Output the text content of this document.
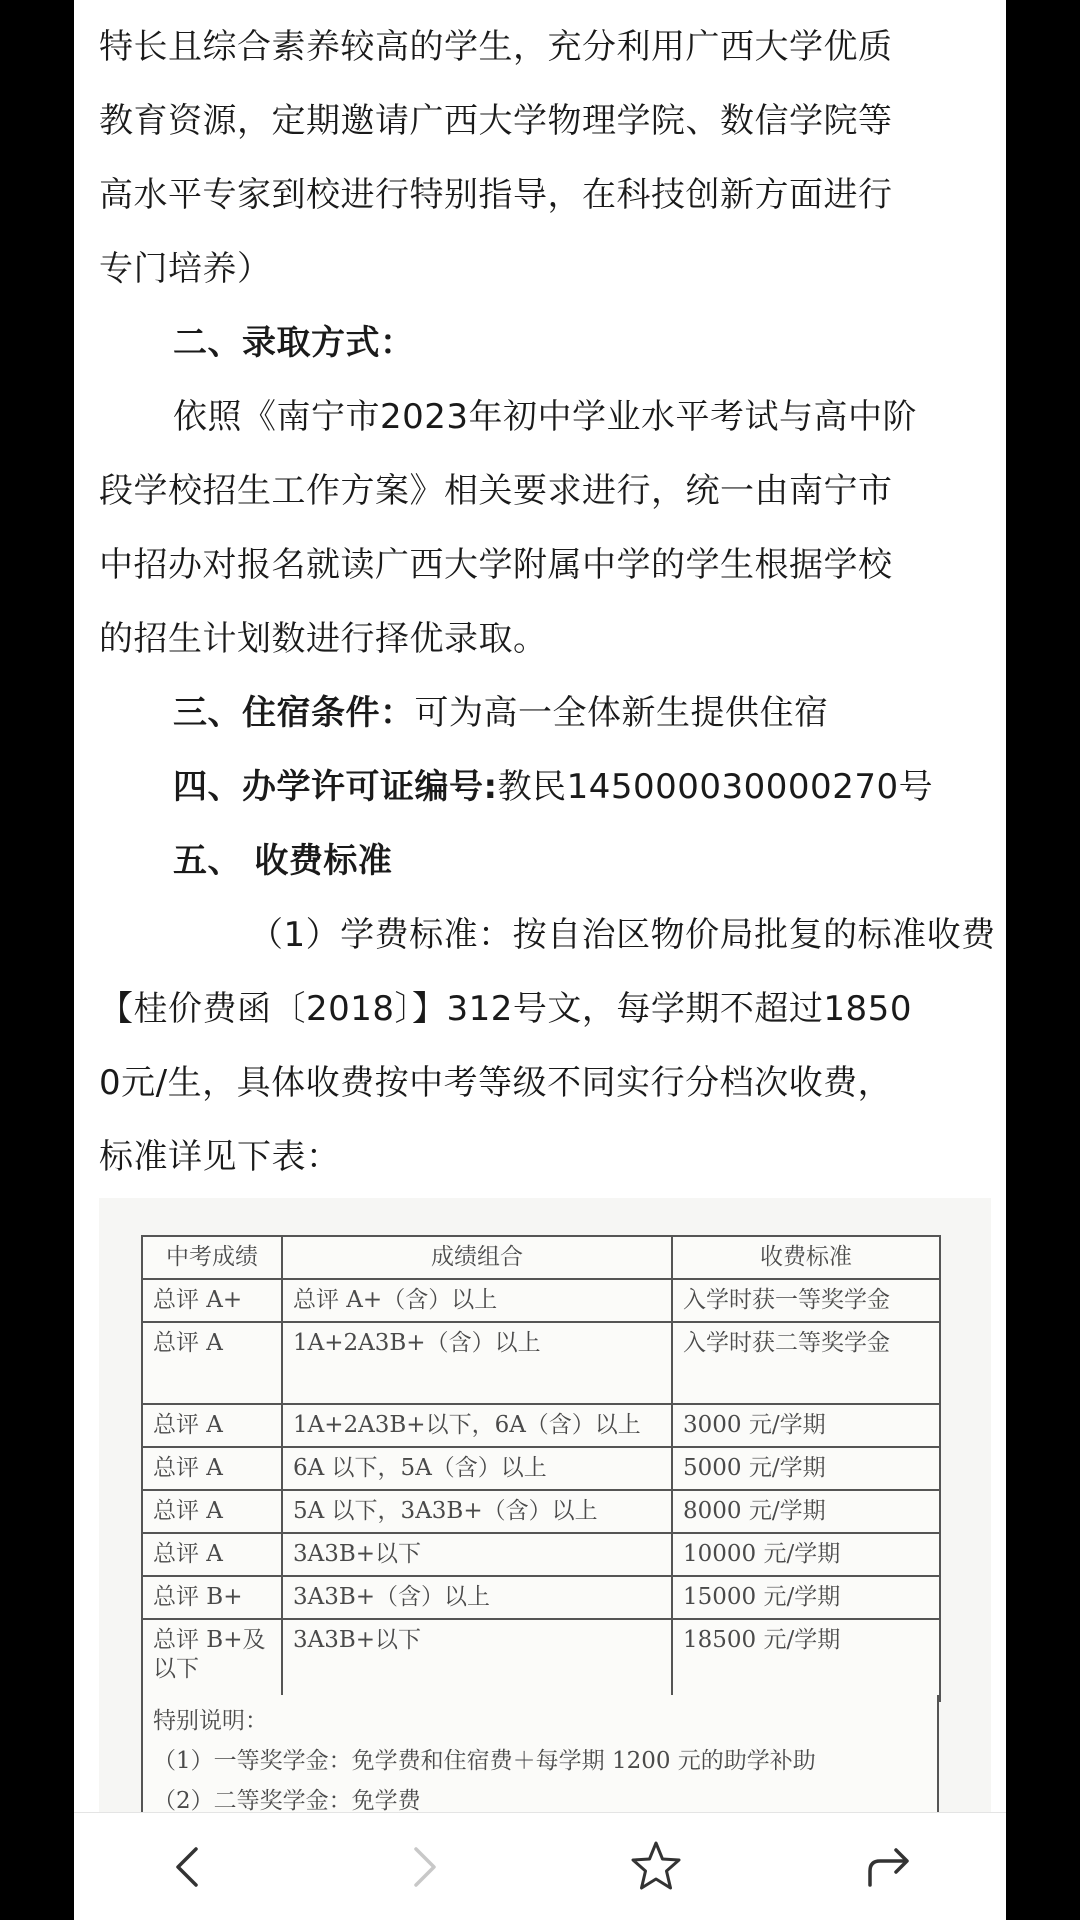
特长且综合素养较高的学生，充分利用广西大学优质
教育资源，定期邀请广西大学物理学院、数信学院等
高水平专家到校进行特别指导，在科技创新方面进行
专门培养）
二、录取方式：
依照《南宁市2023年初中学业水平考试与高中阶
段学校招生工作方案》相关要求进行，统一由南宁市
中招办对报名就读广西大学附属中学的学生根据学校
的招生计划数进行择优录取。
三、住宿条件：可为高一全体新生提供住宿
四、办学许可证编号:教民145000030000270号
五、 收费标准
（1）学费标准：按自治区物价局批复的标准收费
【桂价费函〔2018〕】312号文，每学期不超过1850
0元/生，具体收费按中考等级不同实行分档次收费，
标准详见下表：
中考成绩	成绩组合	收费标准
总评 A+	总评 A+（含）以上	入学时获一等奖学金
总评 A	1A+2A3B+（含）以上	入学时获二等奖学金
总评 A	1A+2A3B+以下，6A（含）以上	3000 元/学期
总评 A	6A 以下，5A（含）以上	5000 元/学期
总评 A	5A 以下，3A3B+（含）以上	8000 元/学期
总评 A	3A3B+以下	10000 元/学期
总评 B+	3A3B+（含）以上	15000 元/学期
总评 B+及以下	3A3B+以下	18500 元/学期
特别说明：
（1）一等奖学金：免学费和住宿费＋每学期 1200 元的助学补助
（2）二等奖学金：免学费
